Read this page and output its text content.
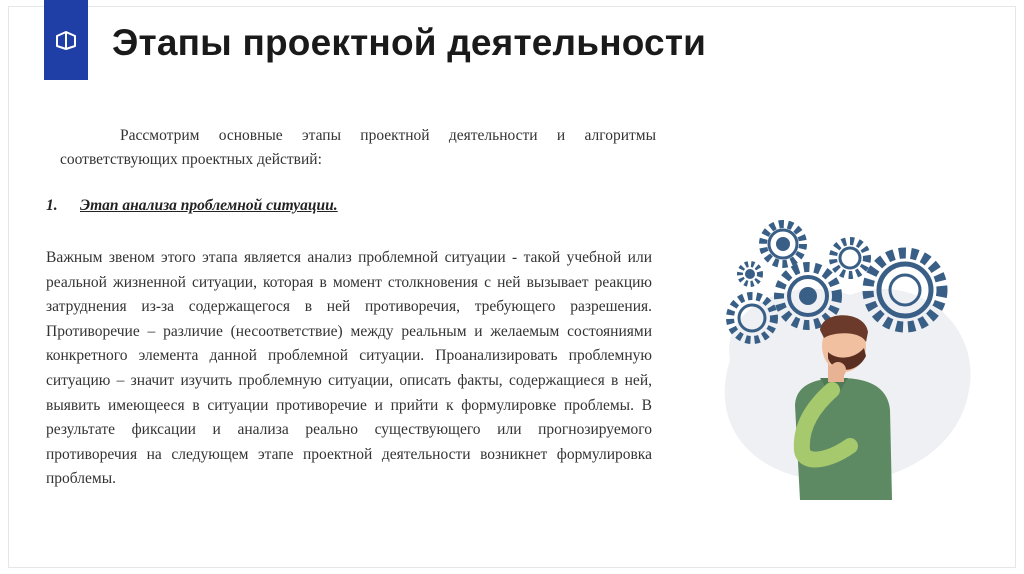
Этапы проектной деятельности

Рассмотрим основные этапы проектной деятельности и алгоритмы соответствующих проектных действий:

1. Этап анализа проблемной ситуации.

Важным звеном этого этапа является анализ проблемной ситуации - такой учебной или реальной жизненной ситуации, которая в момент столкновения с ней вызывает реакцию затруднения из-за содержащегося в ней противоречия, требующего разрешения. Противоречие – различие (несоответствие) между реальным и желаемым состояниями конкретного элемента данной проблемной ситуации. Проанализировать проблемную ситуацию – значит изучить проблемную ситуации, описать факты, содержащиеся в ней, выявить имеющееся в ситуации противоречие и прийти к формулировке проблемы. В результате фиксации и анализа реально существующего или прогнозируемого противоречия на следующем этапе проектной деятельности возникнет формулировка проблемы.
